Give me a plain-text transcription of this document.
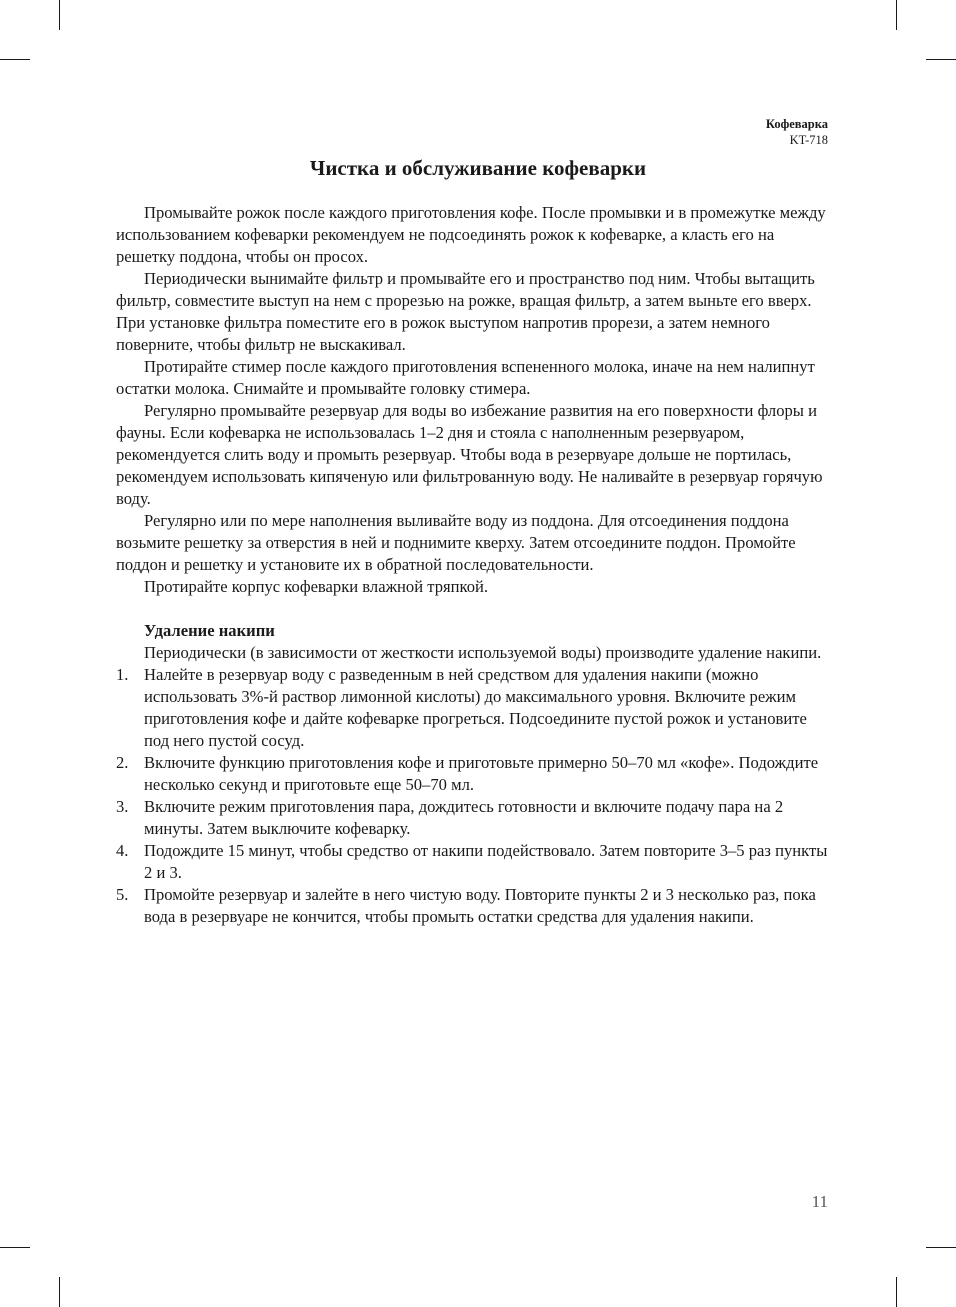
Кофеварка
KT-718
Чистка и обслуживание кофеварки

Промывайте рожок после каждого приготовления кофе. После промывки и в промежутке между использованием кофеварки рекомендуем не подсоединять рожок к кофеварке, а класть его на решетку поддона, чтобы он просох.

Периодически вынимайте фильтр и промывайте его и пространство под ним. Чтобы вытащить фильтр, совместите выступ на нем с прорезью на рожке, вращая фильтр, а затем выньте его вверх. При установке фильтра поместите его в рожок выступом напротив прорези, а затем немного поверните, чтобы фильтр не выскакивал.

Протирайте стимер после каждого приготовления вспененного молока, иначе на нем налипнут остатки молока. Снимайте и промывайте головку стимера.

Регулярно промывайте резервуар для воды во избежание развития на его поверхности флоры и фауны. Если кофеварка не использовалась 1–2 дня и стояла с наполненным резервуаром, рекомендуется слить воду и промыть резервуар. Чтобы вода в резервуаре дольше не портилась, рекомендуем использовать кипяченую или фильтрованную воду. Не наливайте в резервуар горячую воду.

Регулярно или по мере наполнения выливайте воду из поддона. Для отсоединения поддона возьмите решетку за отверстия в ней и поднимите кверху. Затем отсоедините поддон. Промойте поддон и решетку и установите их в обратной последовательности.

Протирайте корпус кофеварки влажной тряпкой.

Удаление накипи

Периодически (в зависимости от жесткости используемой воды) производите удаление накипи.

1. Налейте в резервуар воду с разведенным в ней средством для удаления накипи (можно использовать 3%-й раствор лимонной кислоты) до максимального уровня. Включите режим приготовления кофе и дайте кофеварке прогреться. Подсоедините пустой рожок и установите под него пустой сосуд.
2. Включите функцию приготовления кофе и приготовьте примерно 50–70 мл «кофе». Подождите несколько секунд и приготовьте еще 50–70 мл.
3. Включите режим приготовления пара, дождитесь готовности и включите подачу пара на 2 минуты. Затем выключите кофеварку.
4. Подождите 15 минут, чтобы средство от накипи подействовало. Затем повторите 3–5 раз пункты 2 и 3.
5. Промойте резервуар и залейте в него чистую воду. Повторите пункты 2 и 3 несколько раз, пока вода в резервуаре не кончится, чтобы промыть остатки средства для удаления накипи.
11
